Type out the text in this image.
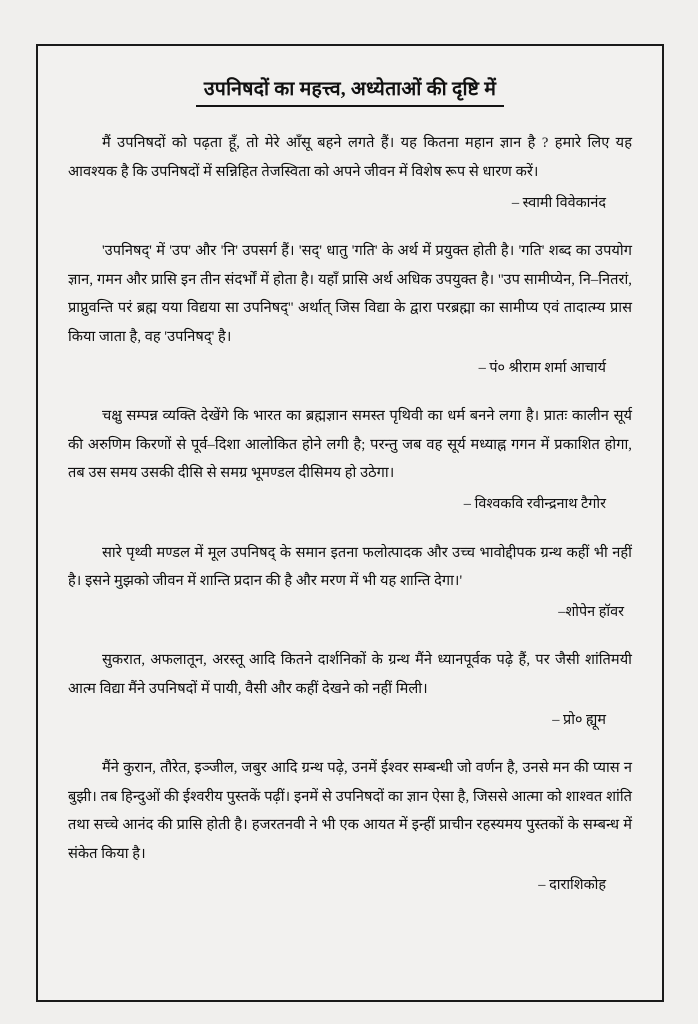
उपनिषदों का महत्त्व, अध्येताओं की दृष्टि में
मैं उपनिषदों को पढ़ता हूँ, तो मेरे आँसू बहने लगते हैं। यह कितना महान ज्ञान है ? हमारे लिए यह आवश्यक है कि उपनिषदों में सन्निहित तेजस्विता को अपने जीवन में विशेष रूप से धारण करें।
– स्वामी विवेकानंद
'उपनिषद्' में 'उप' और 'नि' उपसर्ग हैं। 'सद्' धातु 'गति' के अर्थ में प्रयुक्त होती है। 'गति' शब्द का उपयोग ज्ञान, गमन और प्रासि इन तीन संदर्भों में होता है। यहाँ प्रासि अर्थ अधिक उपयुक्त है। ''उप सामीप्येन, नि–नितरां, प्राप्नुवन्ति परं ब्रह्म यया विद्यया सा उपनिषद्'' अर्थात् जिस विद्या के द्वारा परब्रह्मा का सामीप्य एवं तादात्म्य प्रास किया जाता है, वह 'उपनिषद्' है।
– पं० श्रीराम शर्मा आचार्य
चक्षु सम्पन्न व्यक्ति देखेंगे कि भारत का ब्रह्मज्ञान समस्त पृथिवी का धर्म बनने लगा है। प्रातः कालीन सूर्य की अरुणिम किरणों से पूर्व–दिशा आलोकित होने लगी है; परन्तु जब वह सूर्य मध्याह्न गगन में प्रकाशित होगा, तब उस समय उसकी दीसि से समग्र भूमण्डल दीसिमय हो उठेगा।
– विश्वकवि रवीन्द्रनाथ टैगोर
सारे पृथ्वी मण्डल में मूल उपनिषद् के समान इतना फलोत्पादक और उच्च भावोद्दीपक ग्रन्थ कहीं भी नहीं है। इसने मुझको जीवन में शान्ति प्रदान की है और मरण में भी यह शान्ति देगा।'
–शोपेन हॉवर
सुकरात, अफलातून, अरस्तू आदि कितने दार्शनिकों के ग्रन्थ मैंने ध्यानपूर्वक पढ़े हैं, पर जैसी शांतिमयी आत्म विद्या मैंने उपनिषदों में पायी, वैसी और कहीं देखने को नहीं मिली।
– प्रो० ह्यूम
मैंने कुरान, तौरेत, इञ्जील, जबुर आदि ग्रन्थ पढ़े, उनमें ईश्वर सम्बन्धी जो वर्णन है, उनसे मन की प्यास न बुझी। तब हिन्दुओं की ईश्वरीय पुस्तकें पढ़ीं। इनमें से उपनिषदों का ज्ञान ऐसा है, जिससे आत्मा को शाश्वत शांति तथा सच्चे आनंद की प्रासि होती है। हजरतनवी ने भी एक आयत में इन्हीं प्राचीन रहस्यमय पुस्तकों के सम्बन्ध में संकेत किया है।
– दाराशिकोह
